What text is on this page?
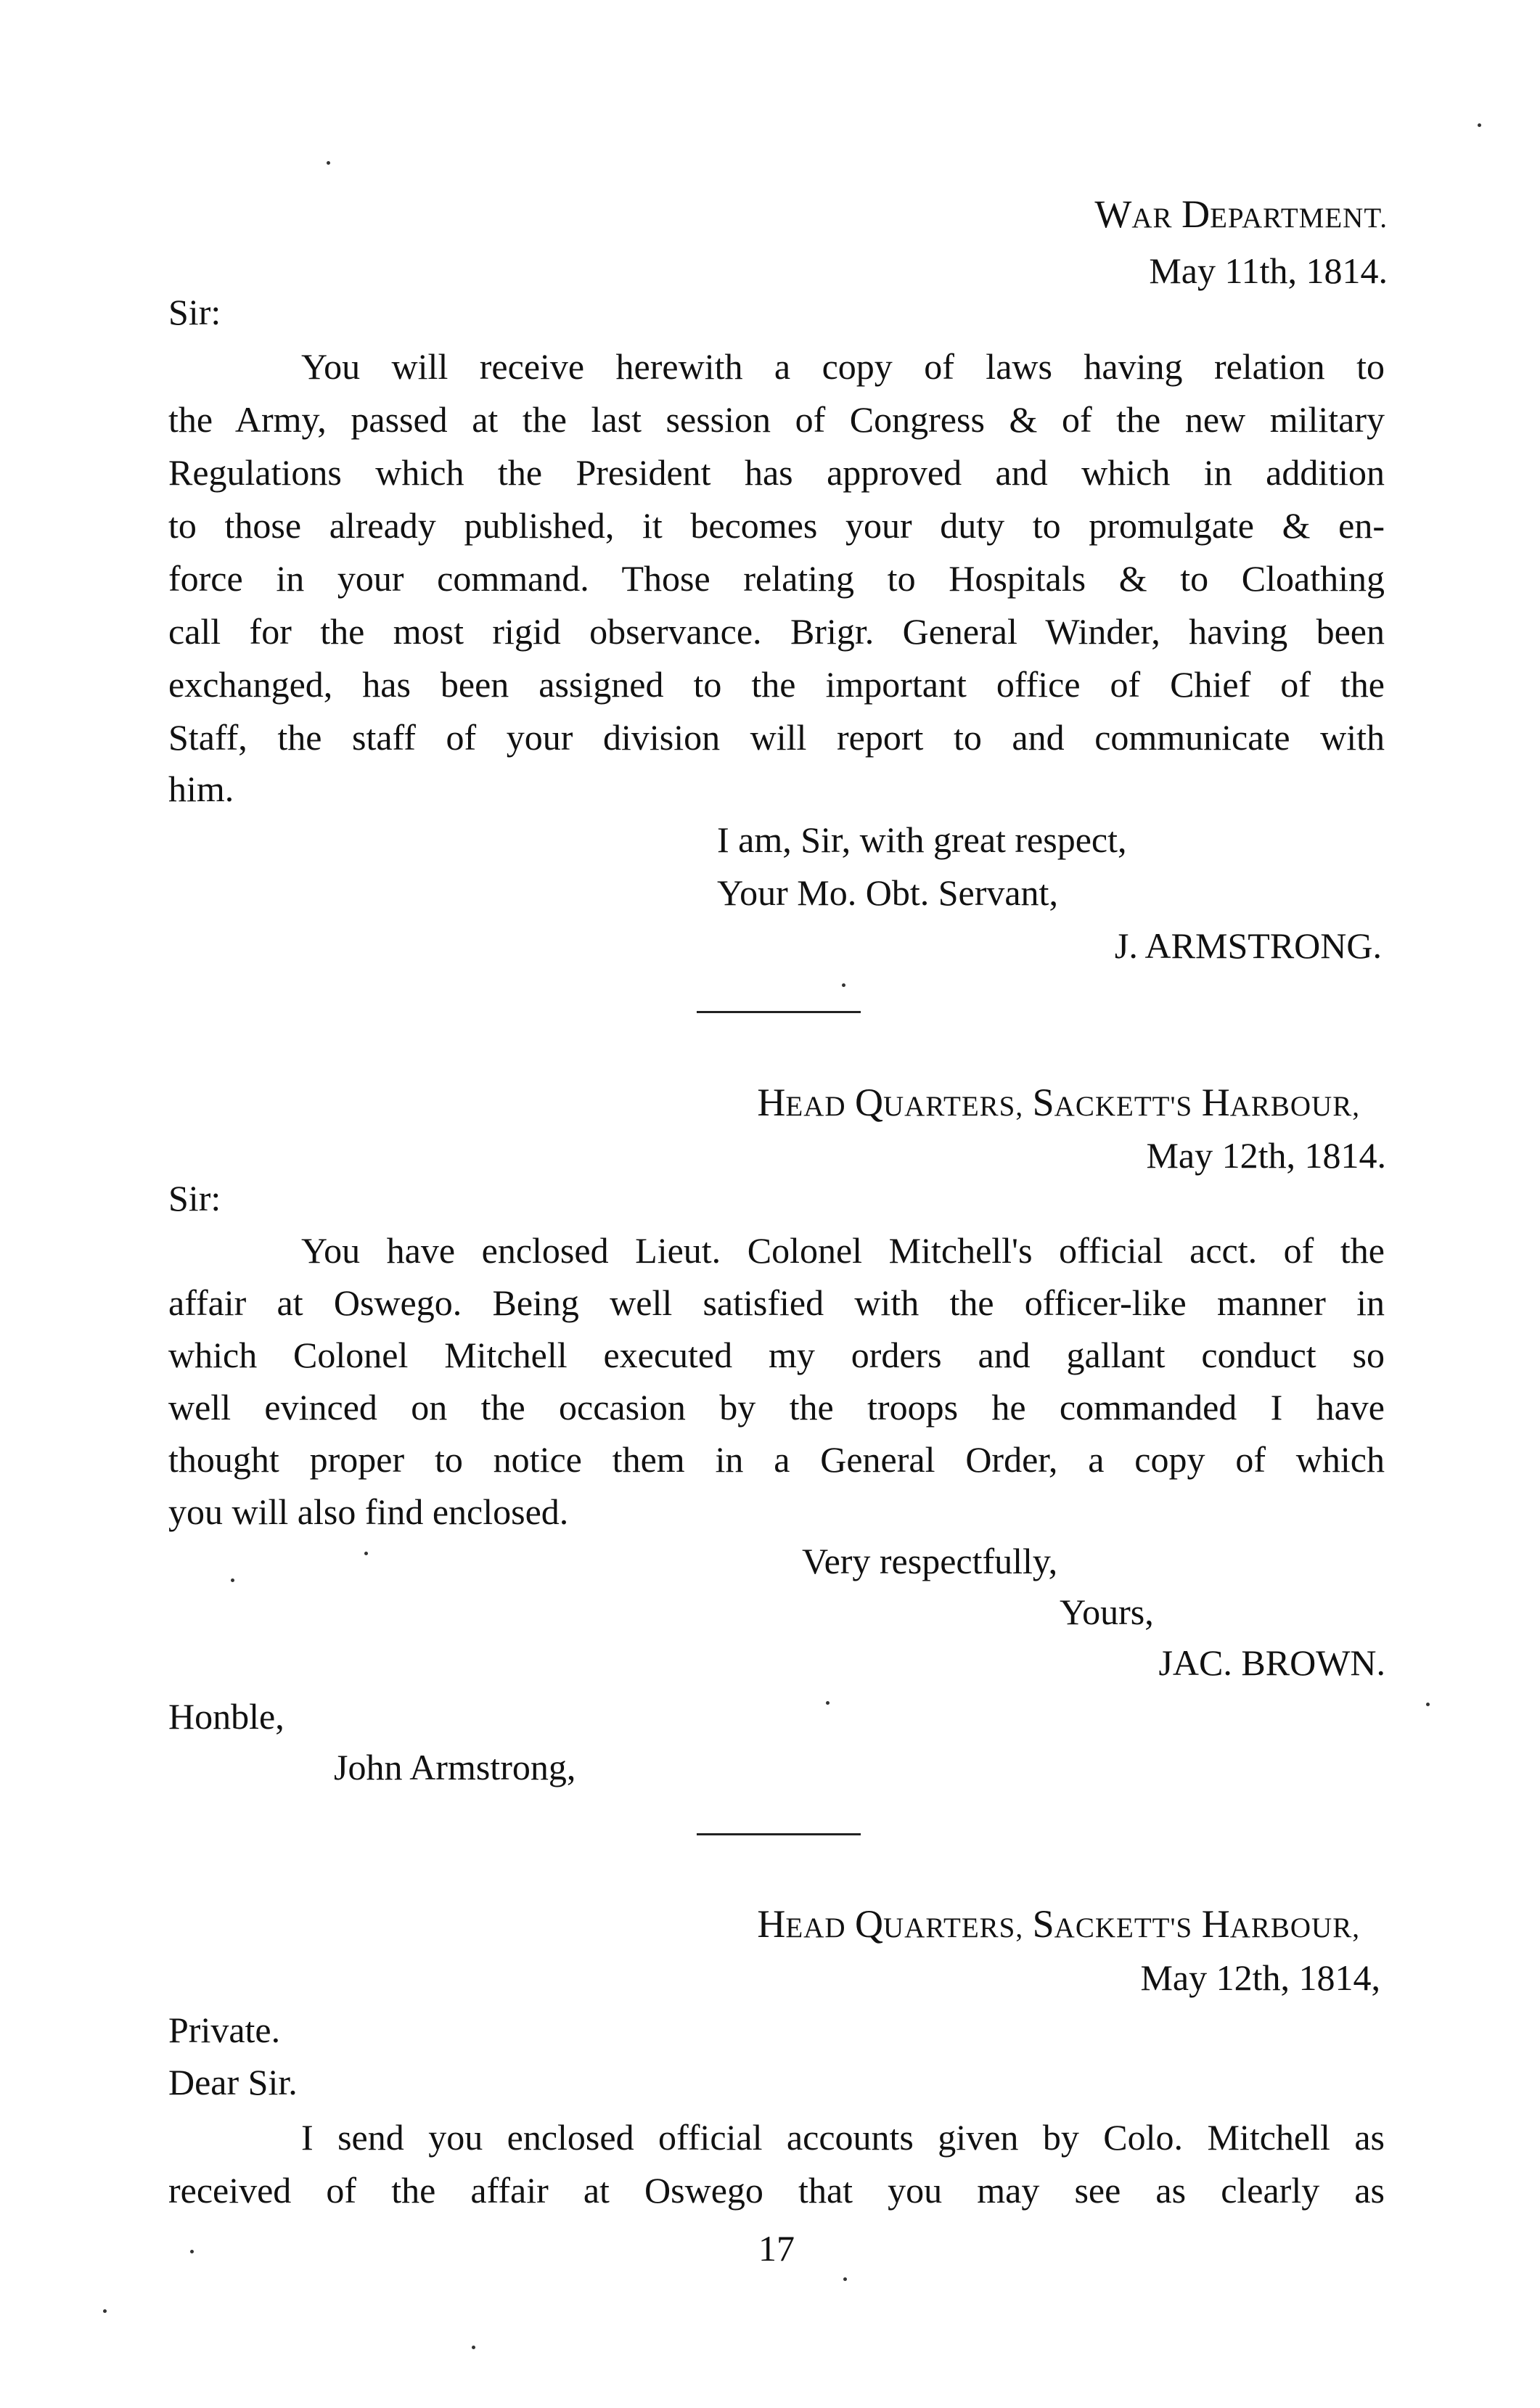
WAR DEPARTMENT.
May 11th, 1814.
Sir:
You will receive herewith a copy of laws having relation to
the Army, passed at the last session of Congress & of the new military
Regulations which the President has approved and which in addition
to those already published, it becomes your duty to promulgate & en-
force in your command. Those relating to Hospitals & to Cloathing
call for the most rigid observance. Brigr. General Winder, having been
exchanged, has been assigned to the important office of Chief of the
Staff, the staff of your division will report to and communicate with
him.
I am, Sir, with great respect,
Your Mo. Obt. Servant,
J. ARMSTRONG.
HEAD QUARTERS, SACKETT'S HARBOUR,
May 12th, 1814.
Sir:
You have enclosed Lieut. Colonel Mitchell's official acct. of the
affair at Oswego. Being well satisfied with the officer-like manner in
which Colonel Mitchell executed my orders and gallant conduct so
well evinced on the occasion by the troops he commanded I have
thought proper to notice them in a General Order, a copy of which
you will also find enclosed.
Very respectfully,
Yours,
JAC. BROWN.
Honble,
John Armstrong,
HEAD QUARTERS, SACKETT'S HARBOUR,
May 12th, 1814,
Private.
Dear Sir.
I send you enclosed official accounts given by Colo. Mitchell as
received of the affair at Oswego that you may see as clearly as
17
